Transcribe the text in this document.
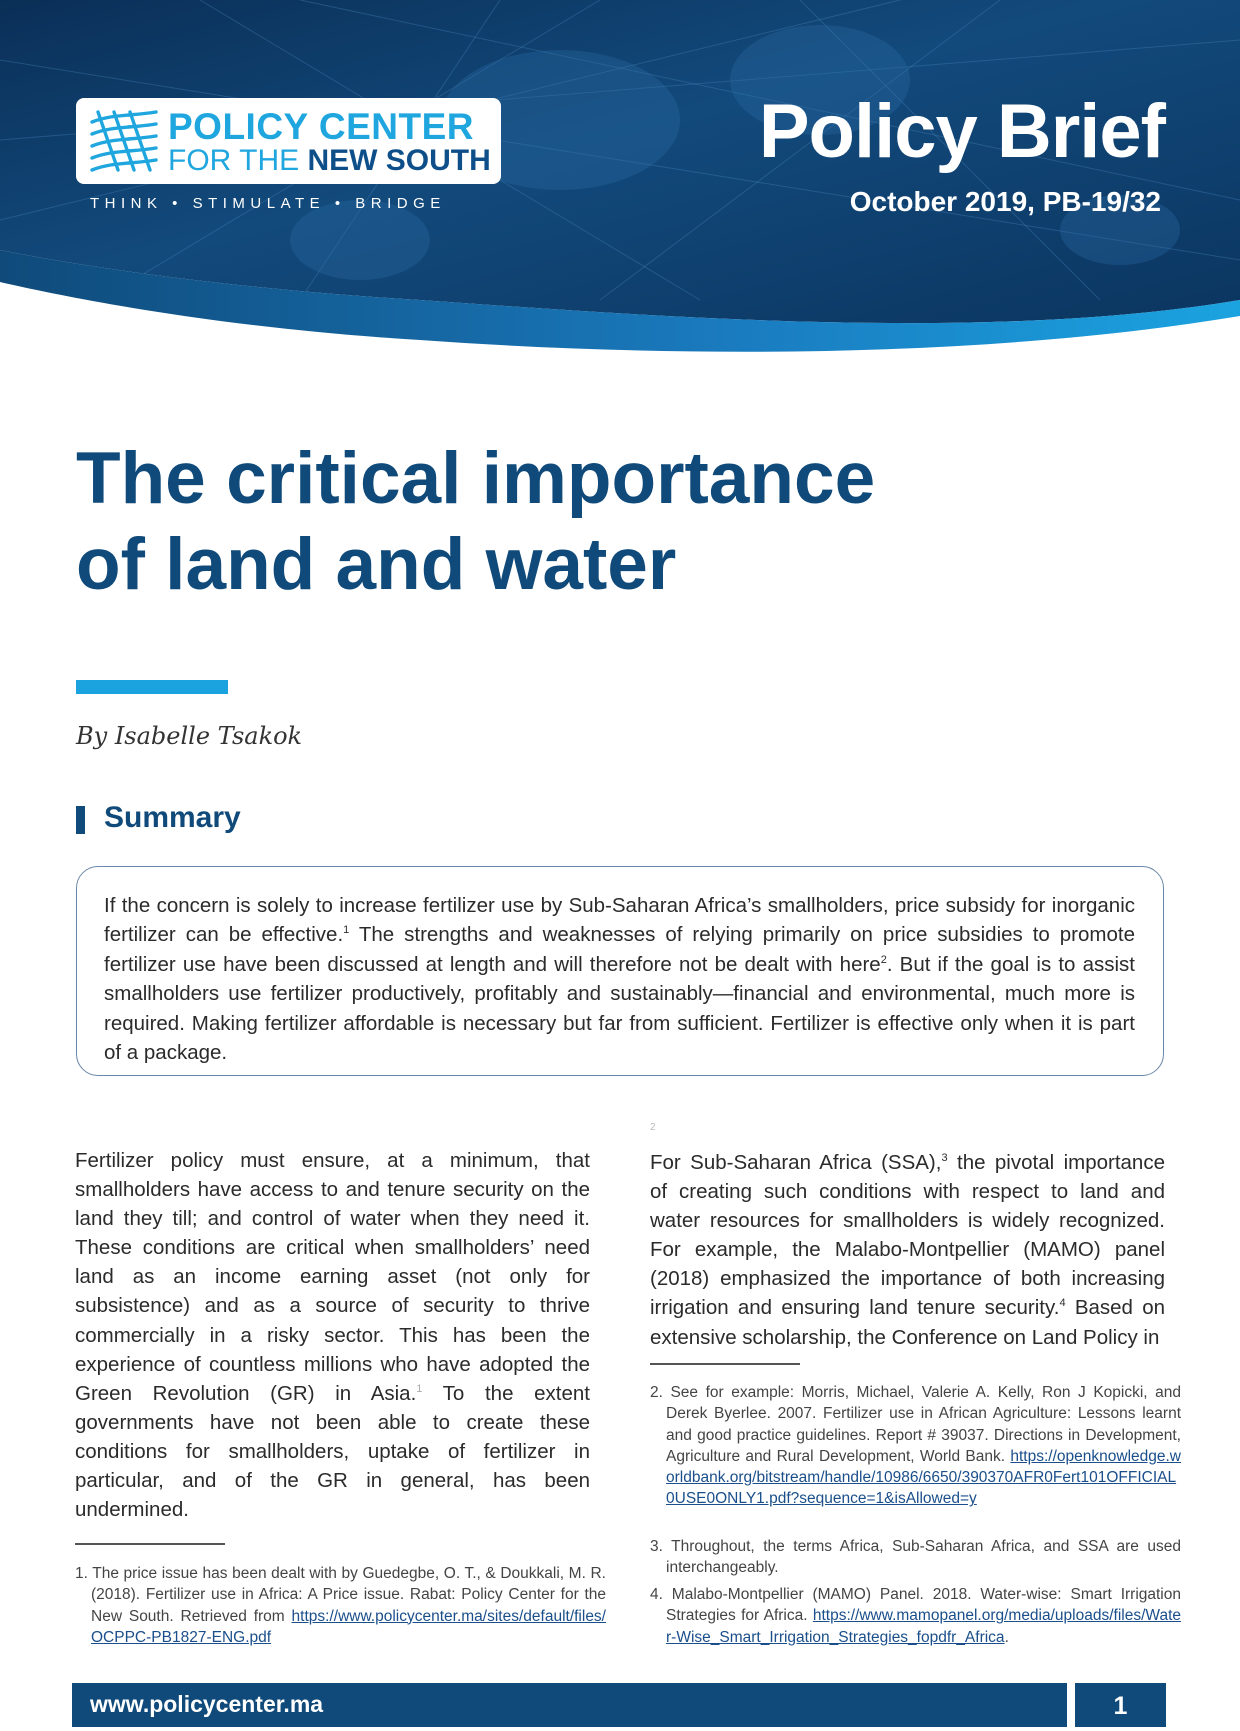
POLICY CENTER
FOR THE NEW SOUTH
THINK • STIMULATE • BRIDGE
Policy Brief
October 2019, PB-19/32
The critical importance
of land and water
By Isabelle Tsakok
Summary

If the concern is solely to increase fertilizer use by Sub-Saharan Africa’s smallholders, price subsidy for inorganic fertilizer can be effective.$^1$ The strengths and weaknesses of relying primarily on price subsidies to promote fertilizer use have been discussed at length and will therefore not be dealt with here$^2$. But if the goal is to assist smallholders use fertilizer productively, profitably and sustainably—financial and environmental, much more is required. Making fertilizer affordable is necessary but far from sufficient. Fertilizer is effective only when it is part of a package.

Fertilizer policy must ensure, at a minimum, that smallholders have access to and tenure security on the land they till; and control of water when they need it. These conditions are critical when smallholders’ need land as an income earning asset (not only for subsistence) and as a source of security to thrive commercially in a risky sector. This has been the experience of countless millions who have adopted the Green Revolution (GR) in Asia.$^1$ To the extent governments have not been able to create these conditions for smallholders, uptake of fertilizer in particular, and of the GR in general, has been undermined.

2

For Sub-Saharan Africa (SSA),$^3$ the pivotal importance of creating such conditions with respect to land and water resources for smallholders is widely recognized. For example, the Malabo-Montpellier (MAMO) panel (2018) emphasized the importance of both increasing irrigation and ensuring land tenure security.$^4$ Based on extensive scholarship, the Conference on Land Policy in

1. The price issue has been dealt with by Guedegbe, O. T., & Doukkali, M. R. (2018). Fertilizer use in Africa: A Price issue. Rabat: Policy Center for the New South. Retrieved from https://www.policycenter.ma/sites/default/files/OCPPC-PB1827-ENG.pdf

2. See for example: Morris, Michael, Valerie A. Kelly, Ron J Kopicki, and Derek Byerlee. 2007. Fertilizer use in African Agriculture: Lessons learnt and good practice guidelines. Report # 39037. Directions in Development, Agriculture and Rural Development, World Bank. https://openknowledge.worldbank.org/bitstream/handle/10986/6650/390370AFR0Fert101OFFICIAL0USE0ONLY1.pdf?sequence=1&isAllowed=y

3. Throughout, the terms Africa, Sub-Saharan Africa, and SSA are used interchangeably.

4. Malabo-Montpellier (MAMO) Panel. 2018. Water-wise: Smart Irrigation Strategies for Africa. https://www.mamopanel.org/media/uploads/files/Water-Wise_Smart_Irrigation_Strategies_fopdfr_Africa.

www.policycenter.ma	1
